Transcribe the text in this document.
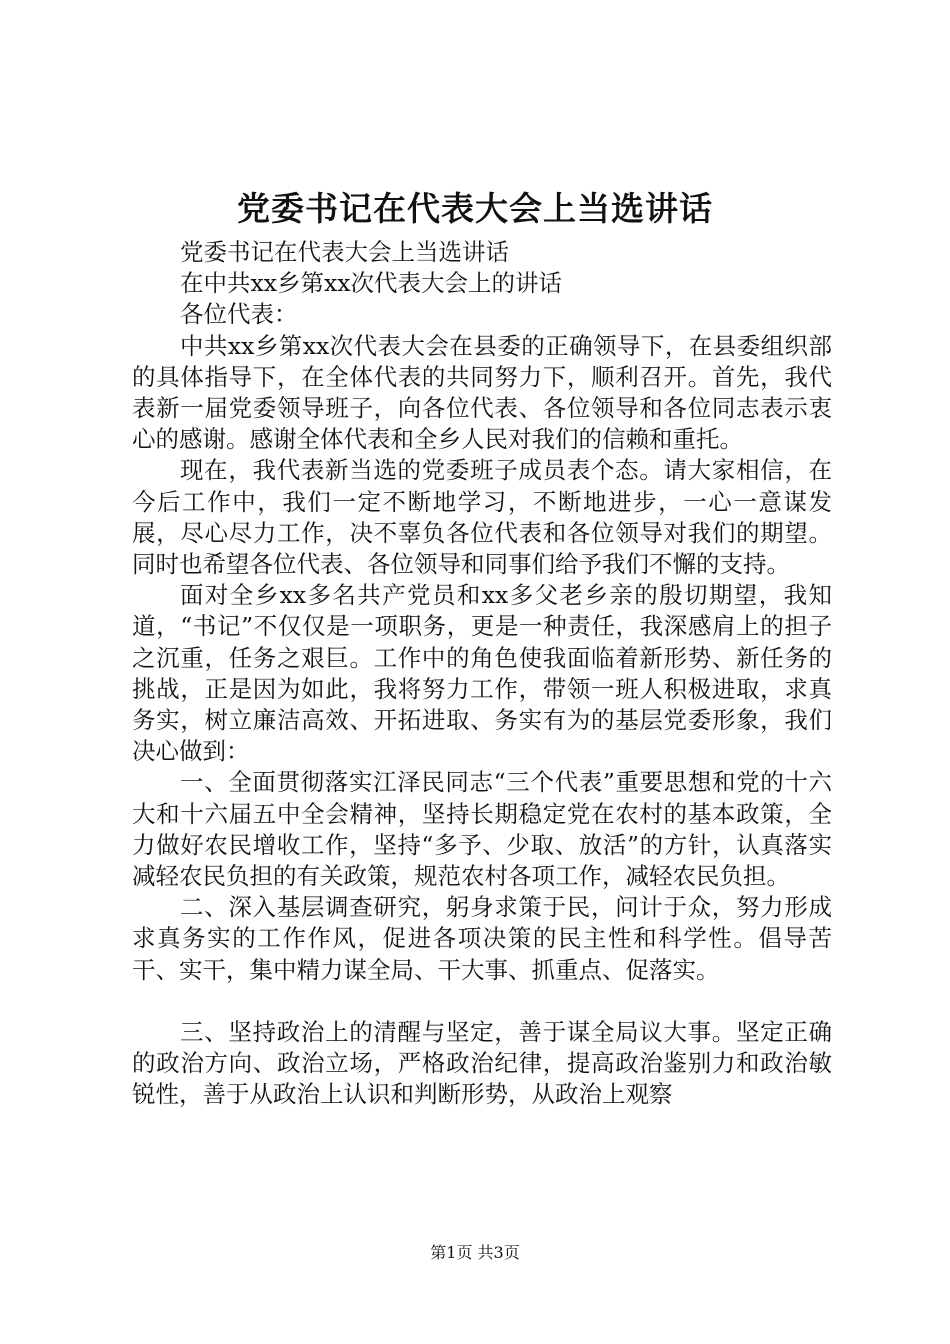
党委书记在代表大会上当选讲话
党委书记在代表大会上当选讲话
在中共xx乡第xx次代表大会上的讲话
各位代表：
中共xx乡第xx次代表大会在县委的正确领导下，在县委组织部的具体指导下，在全体代表的共同努力下，顺利召开。首先，我代表新一届党委领导班子，向各位代表、各位领导和各位同志表示衷心的感谢。感谢全体代表和全乡人民对我们的信赖和重托。
现在，我代表新当选的党委班子成员表个态。请大家相信，在今后工作中，我们一定不断地学习，不断地进步，一心一意谋发展，尽心尽力工作，决不辜负各位代表和各位领导对我们的期望。同时也希望各位代表、各位领导和同事们给予我们不懈的支持。
面对全乡xx多名共产党员和xx多父老乡亲的殷切期望，我知道，“书记”不仅仅是一项职务，更是一种责任，我深感肩上的担子之沉重，任务之艰巨。工作中的角色使我面临着新形势、新任务的挑战，正是因为如此，我将努力工作，带领一班人积极进取，求真务实，树立廉洁高效、开拓进取、务实有为的基层党委形象，我们决心做到：
一、全面贯彻落实江泽民同志“三个代表”重要思想和党的十六大和十六届五中全会精神，坚持长期稳定党在农村的基本政策，全力做好农民增收工作，坚持“多予、少取、放活”的方针，认真落实减轻农民负担的有关政策，规范农村各项工作，减轻农民负担。
二、深入基层调查研究，躬身求策于民，问计于众，努力形成求真务实的工作作风，促进各项决策的民主性和科学性。倡导苦干、实干，集中精力谋全局、干大事、抓重点、促落实。
三、坚持政治上的清醒与坚定，善于谋全局议大事。坚定正确的政治方向、政治立场，严格政治纪律，提高政治鉴别力和政治敏锐性，善于从政治上认识和判断形势，从政治上观察
第1页 共3页
